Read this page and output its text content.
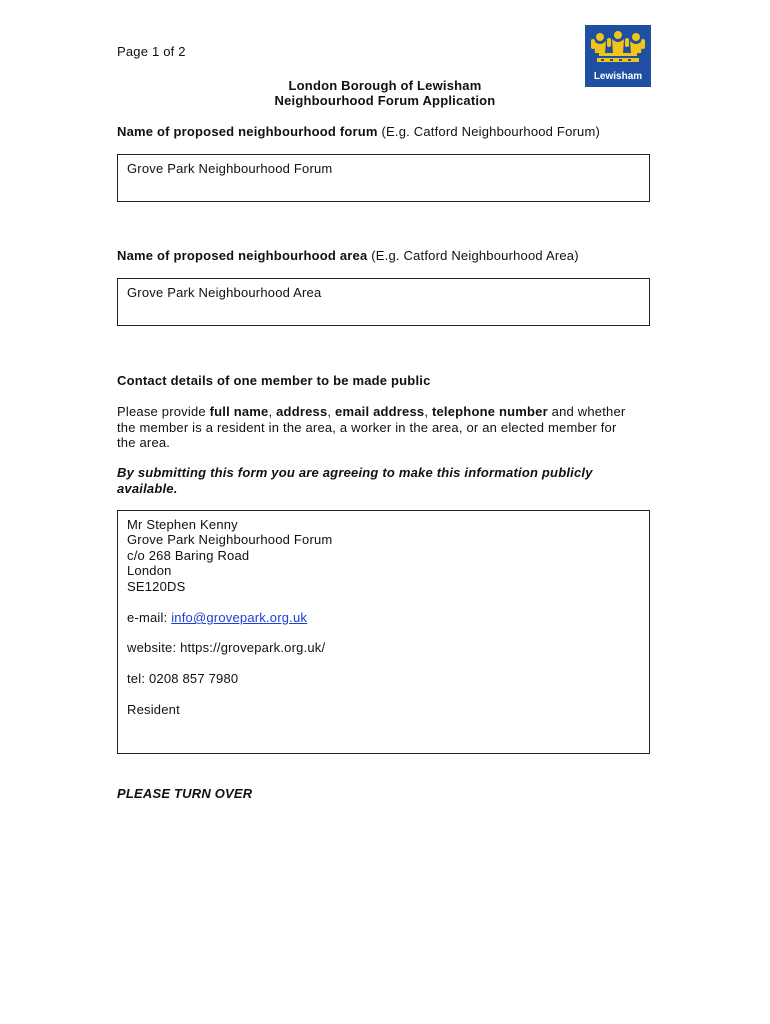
Page 1 of 2
Lewisham
London Borough of Lewisham
Neighbourhood Forum Application
Name of proposed neighbourhood forum (E.g. Catford Neighbourhood Forum)
Grove Park Neighbourhood Forum
Name of proposed neighbourhood area (E.g. Catford Neighbourhood Area)
Grove Park Neighbourhood Area
Contact details of one member to be made public
Please provide full name, address, email address, telephone number and whether the member is a resident in the area, a worker in the area, or an elected member for the area.
By submitting this form you are agreeing to make this information publicly available.
Mr Stephen Kenny
Grove Park Neighbourhood Forum
c/o 268 Baring Road
London
SE120DS
e-mail: info@grovepark.org.uk
website: https://grovepark.org.uk/
tel: 0208 857 7980
Resident
PLEASE TURN OVER
